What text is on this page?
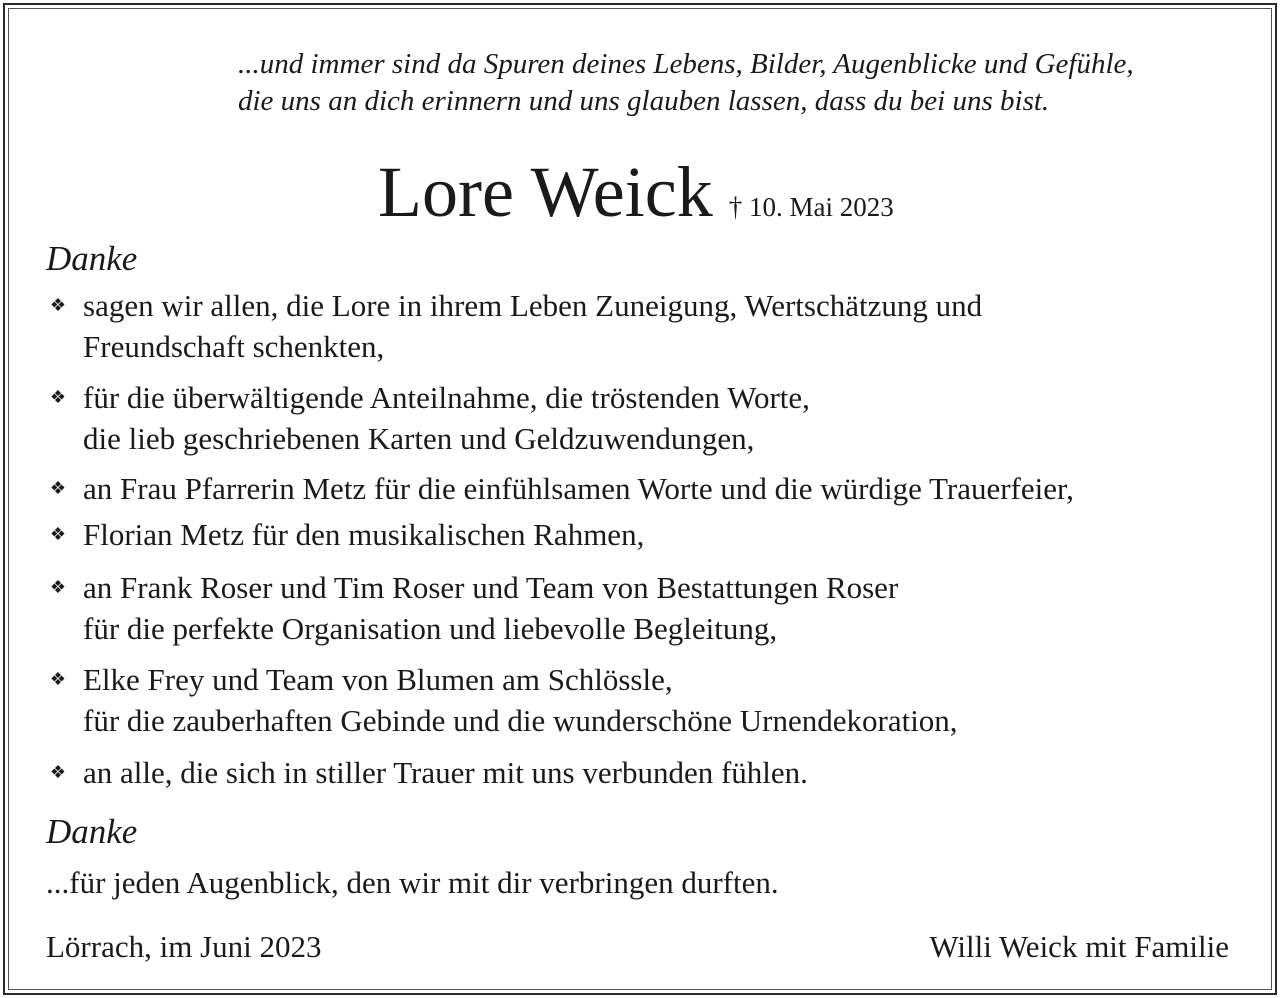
...und immer sind da Spuren deines Lebens, Bilder, Augenblicke und Gefühle,
die uns an dich erinnern und uns glauben lassen, dass du bei uns bist.
Lore Weick † 10. Mai 2023
Danke
❖ sagen wir allen, die Lore in ihrem Leben Zuneigung, Wertschätzung und
Freundschaft schenkten,
❖ für die überwältigende Anteilnahme, die tröstenden Worte,
die lieb geschriebenen Karten und Geldzuwendungen,
❖ an Frau Pfarrerin Metz für die einfühlsamen Worte und die würdige Trauerfeier,
❖ Florian Metz für den musikalischen Rahmen,
❖ an Frank Roser und Tim Roser und Team von Bestattungen Roser
für die perfekte Organisation und liebevolle Begleitung,
❖ Elke Frey und Team von Blumen am Schlössle,
für die zauberhaften Gebinde und die wunderschöne Urnendekoration,
❖ an alle, die sich in stiller Trauer mit uns verbunden fühlen.
Danke
...für jeden Augenblick, den wir mit dir verbringen durften.
Lörrach, im Juni 2023	Willi Weick mit Familie
